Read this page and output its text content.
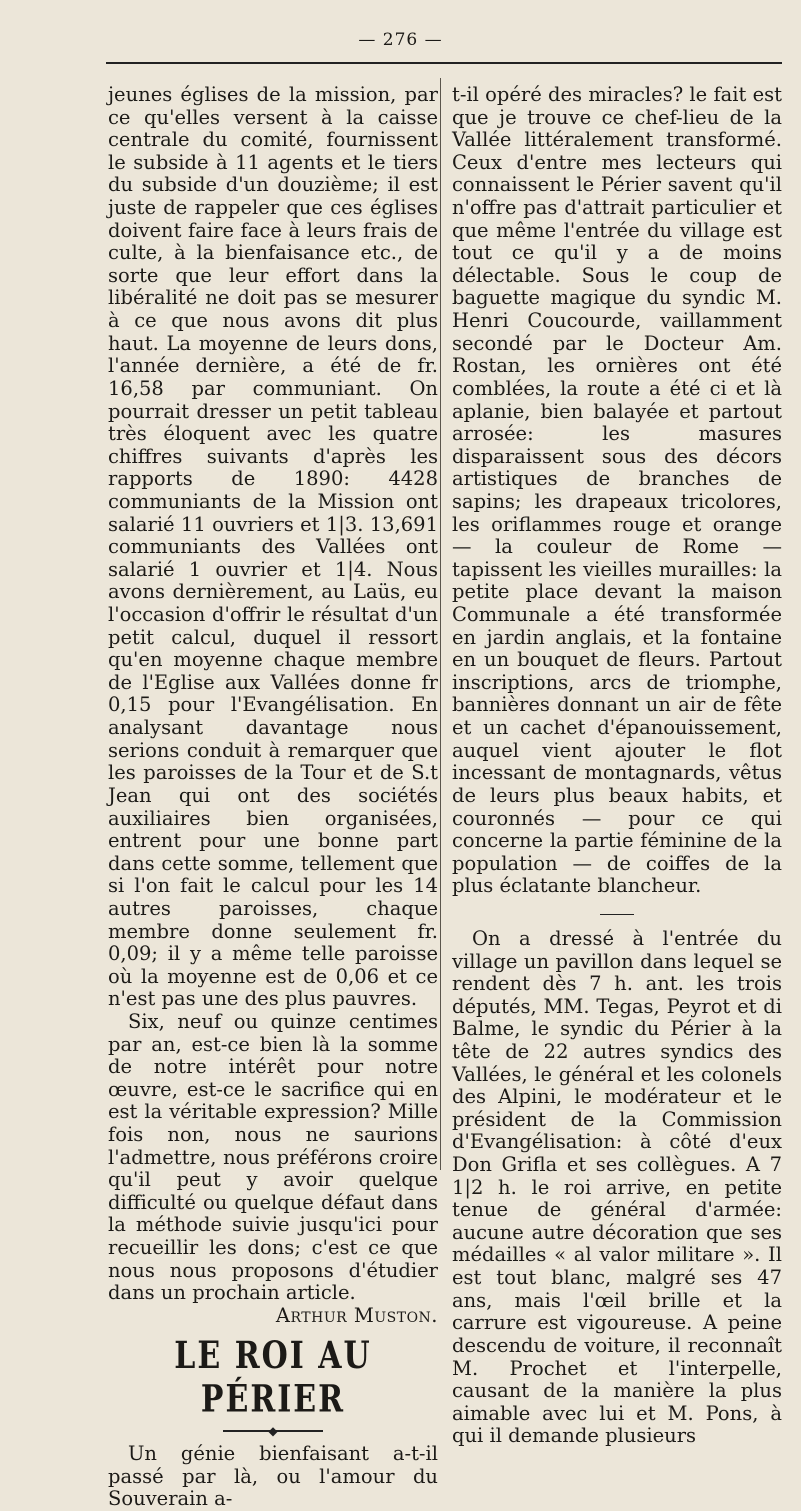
— 276 —

jeunes églises de la mission, par ce qu'elles versent à la caisse centrale du comité, fournissent le subside à 11 agents et le tiers du subside d'un douzième; il est juste de rappeler que ces églises doivent faire face à leurs frais de culte, à la bienfaisance etc., de sorte que leur effort dans la libéralité ne doit pas se mesurer à ce que nous avons dit plus haut. La moyenne de leurs dons, l'année dernière, a été de fr. 16,58 par communiant. On pourrait dresser un petit tableau très éloquent avec les quatre chiffres suivants d'après les rapports de 1890: 4428 communiants de la Mission ont salarié 11 ouvriers et 1|3. 13,691 communiants des Vallées ont salarié 1 ouvrier et 1|4. Nous avons dernièrement, au Laüs, eu l'occasion d'offrir le résultat d'un petit calcul, duquel il ressort qu'en moyenne chaque membre de l'Eglise aux Vallées donne fr 0,15 pour l'Evangélisation. En analysant davantage nous serions conduit à remarquer que les paroisses de la Tour et de S.t Jean qui ont des sociétés auxiliaires bien organisées, entrent pour une bonne part dans cette somme, tellement que si l'on fait le calcul pour les 14 autres paroisses, chaque membre donne seulement fr. 0,09; il y a même telle paroisse où la moyenne est de 0,06 et ce n'est pas une des plus pauvres.

Six, neuf ou quinze centimes par an, est-ce bien là la somme de notre intérêt pour notre œuvre, est-ce le sacrifice qui en est la véritable expression? Mille fois non, nous ne saurions l'admettre, nous préférons croire qu'il peut y avoir quelque difficulté ou quelque défaut dans la méthode suivie jusqu'ici pour recueillir les dons; c'est ce que nous nous proposons d'étudier dans un prochain article.

Arthur Muston.

LE ROI AU PÉRIER
◆

Un génie bienfaisant a-t-il passé par là, ou l'amour du Souverain a-

t-il opéré des miracles? le fait est que je trouve ce chef-lieu de la Vallée littéralement transformé. Ceux d'entre mes lecteurs qui connaissent le Périer savent qu'il n'offre pas d'attrait particulier et que même l'entrée du village est tout ce qu'il y a de moins délectable. Sous le coup de baguette magique du syndic M. Henri Coucourde, vaillamment secondé par le Docteur Am. Rostan, les ornières ont été comblées, la route a été ci et là aplanie, bien balayée et partout arrosée: les masures disparaissent sous des décors artistiques de branches de sapins; les drapeaux tricolores, les oriflammes rouge et orange — la couleur de Rome — tapissent les vieilles murailles: la petite place devant la maison Communale a été transformée en jardin anglais, et la fontaine en un bouquet de fleurs. Partout inscriptions, arcs de triomphe, bannières donnant un air de fête et un cachet d'épanouissement, auquel vient ajouter le flot incessant de montagnards, vêtus de leurs plus beaux habits, et couronnés — pour ce qui concerne la partie féminine de la population — de coiffes de la plus éclatante blancheur.

On a dressé à l'entrée du village un pavillon dans lequel se rendent dès 7 h. ant. les trois députés, MM. Tegas, Peyrot et di Balme, le syndic du Périer à la tête de 22 autres syndics des Vallées, le général et les colonels des Alpini, le modérateur et le président de la Commission d'Evangélisation: à côté d'eux Don Grifla et ses collègues. A 7 1|2 h. le roi arrive, en petite tenue de général d'armée: aucune autre décoration que ses médailles « al valor militare ». Il est tout blanc, malgré ses 47 ans, mais l'œil brille et la carrure est vigoureuse. A peine descendu de voiture, il reconnaît M. Prochet et l'interpelle, causant de la manière la plus aimable avec lui et M. Pons, à qui il demande plusieurs
